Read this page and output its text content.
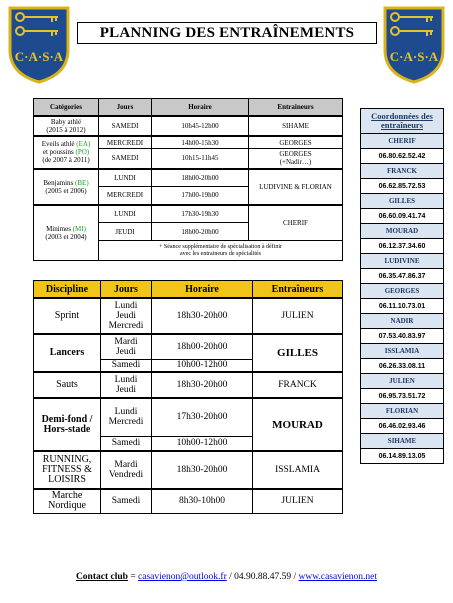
C·A·S·A	C·A·S·A
PLANNING DES ENTRAÎNEMENTS
Catégories	Jours	Horaire	Entraineurs
Baby athlé
(2015 à 2012)	SAMEDI	10h45-12h00	SIHAME
Eveils athlé (EA)
et poussins (PO)
(de 2007 à 2011)	MERCREDI	14h00-15h30	GEORGES
	SAMEDI	10h15-11h45	GEORGES
(+Nadir…)
Benjamins (BE)
(2005 et 2006)	LUNDI	18h00-20h00	LUDIVINE & FLORIAN
	MERCREDI	17h00-19h00	
Minimes (MI)
(2003 et 2004)	LUNDI	17h30-19h30	CHERIF
	JEUDI	18h00-20h00	
	+ Séance supplémentaire de spécialisation à définir
avec les entraineurs de spécialités		
Discipline	Jours	Horaire	Entraîneurs
Sprint	Lundi
Jeudi
Mercredi	18h30-20h00	JULIEN
Lancers	Mardi
Jeudi	18h00-20h00	GILLES
	Samedi	10h00-12h00	
Sauts	Lundi
Jeudi	18h30-20h00	FRANCK
Demi-fond /
Hors-stade	Lundi
Mercredi	17h30-20h00	MOURAD
	Samedi	10h00-12h00	
RUNNING,
FITNESS &
LOISIRS	Mardi
Vendredi	18h30-20h00	ISSLAMIA
Marche
Nordique	Samedi	8h30-10h00	JULIEN
Coordonnées des
entraîneurs
CHERIF
06.80.62.52.42
FRANCK
06.62.85.72.53
GILLES
06.60.09.41.74
MOURAD
06.12.37.34.60
LUDIVINE
06.35.47.86.37
GEORGES
06.11.10.73.01
NADIR
07.53.40.83.97
ISSLAMIA
06.26.33.08.11
JULIEN
06.95.73.51.72
FLORIAN
06.46.02.93.46
SIHAME
06.14.89.13.05
Contact club = casavienon@outlook.fr / 04.90.88.47.59 / www.casavienon.net
